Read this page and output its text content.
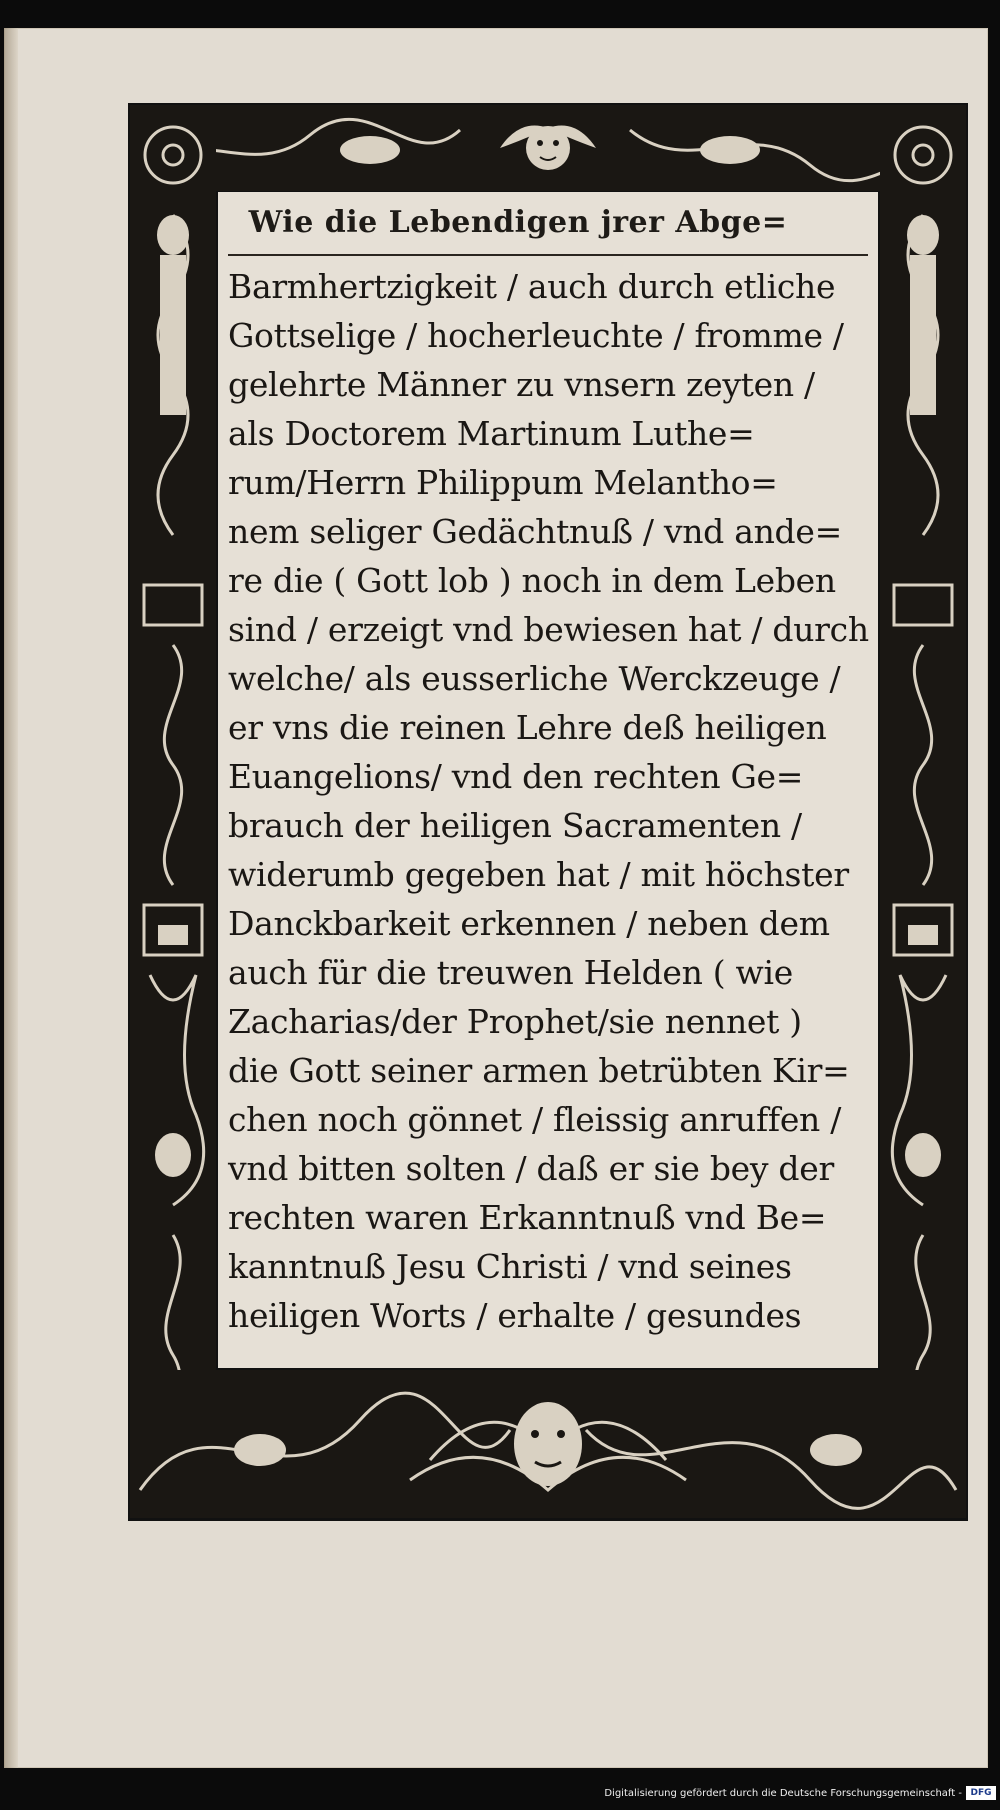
Wie die Lebendigen jrer Abge=
Barmhertzigkeit / auch durch etliche
Gottselige / hocherleuchte / fromme /
gelehrte Männer zu vnsern zeyten /
als Doctorem Martinum Luthe=
rum/Herrn Philippum Melantho=
nem seliger Gedächtnuß / vnd ande=
re die ( Gott lob ) noch in dem Leben
sind / erzeigt vnd bewiesen hat / durch
welche/ als eusserliche Werckzeuge /
er vns die reinen Lehre deß heiligen
Euangelions/ vnd den rechten Ge=
brauch der heiligen Sacramenten /
widerumb gegeben hat / mit höchster
Danckbarkeit erkennen / neben dem
auch für die treuwen Helden ( wie
Zacharias/der Prophet/sie nennet )
die Gott seiner armen betrübten Kir=
chen noch gönnet / fleissig anruffen /
vnd bitten solten / daß er sie bey der
rechten waren Erkanntnuß vnd Be=
kanntnuß Jesu Christi / vnd seines
heiligen Worts / erhalte / gesundes
Digitalisierung gefördert durch die Deutsche Forschungsgemeinschaft - DFG
